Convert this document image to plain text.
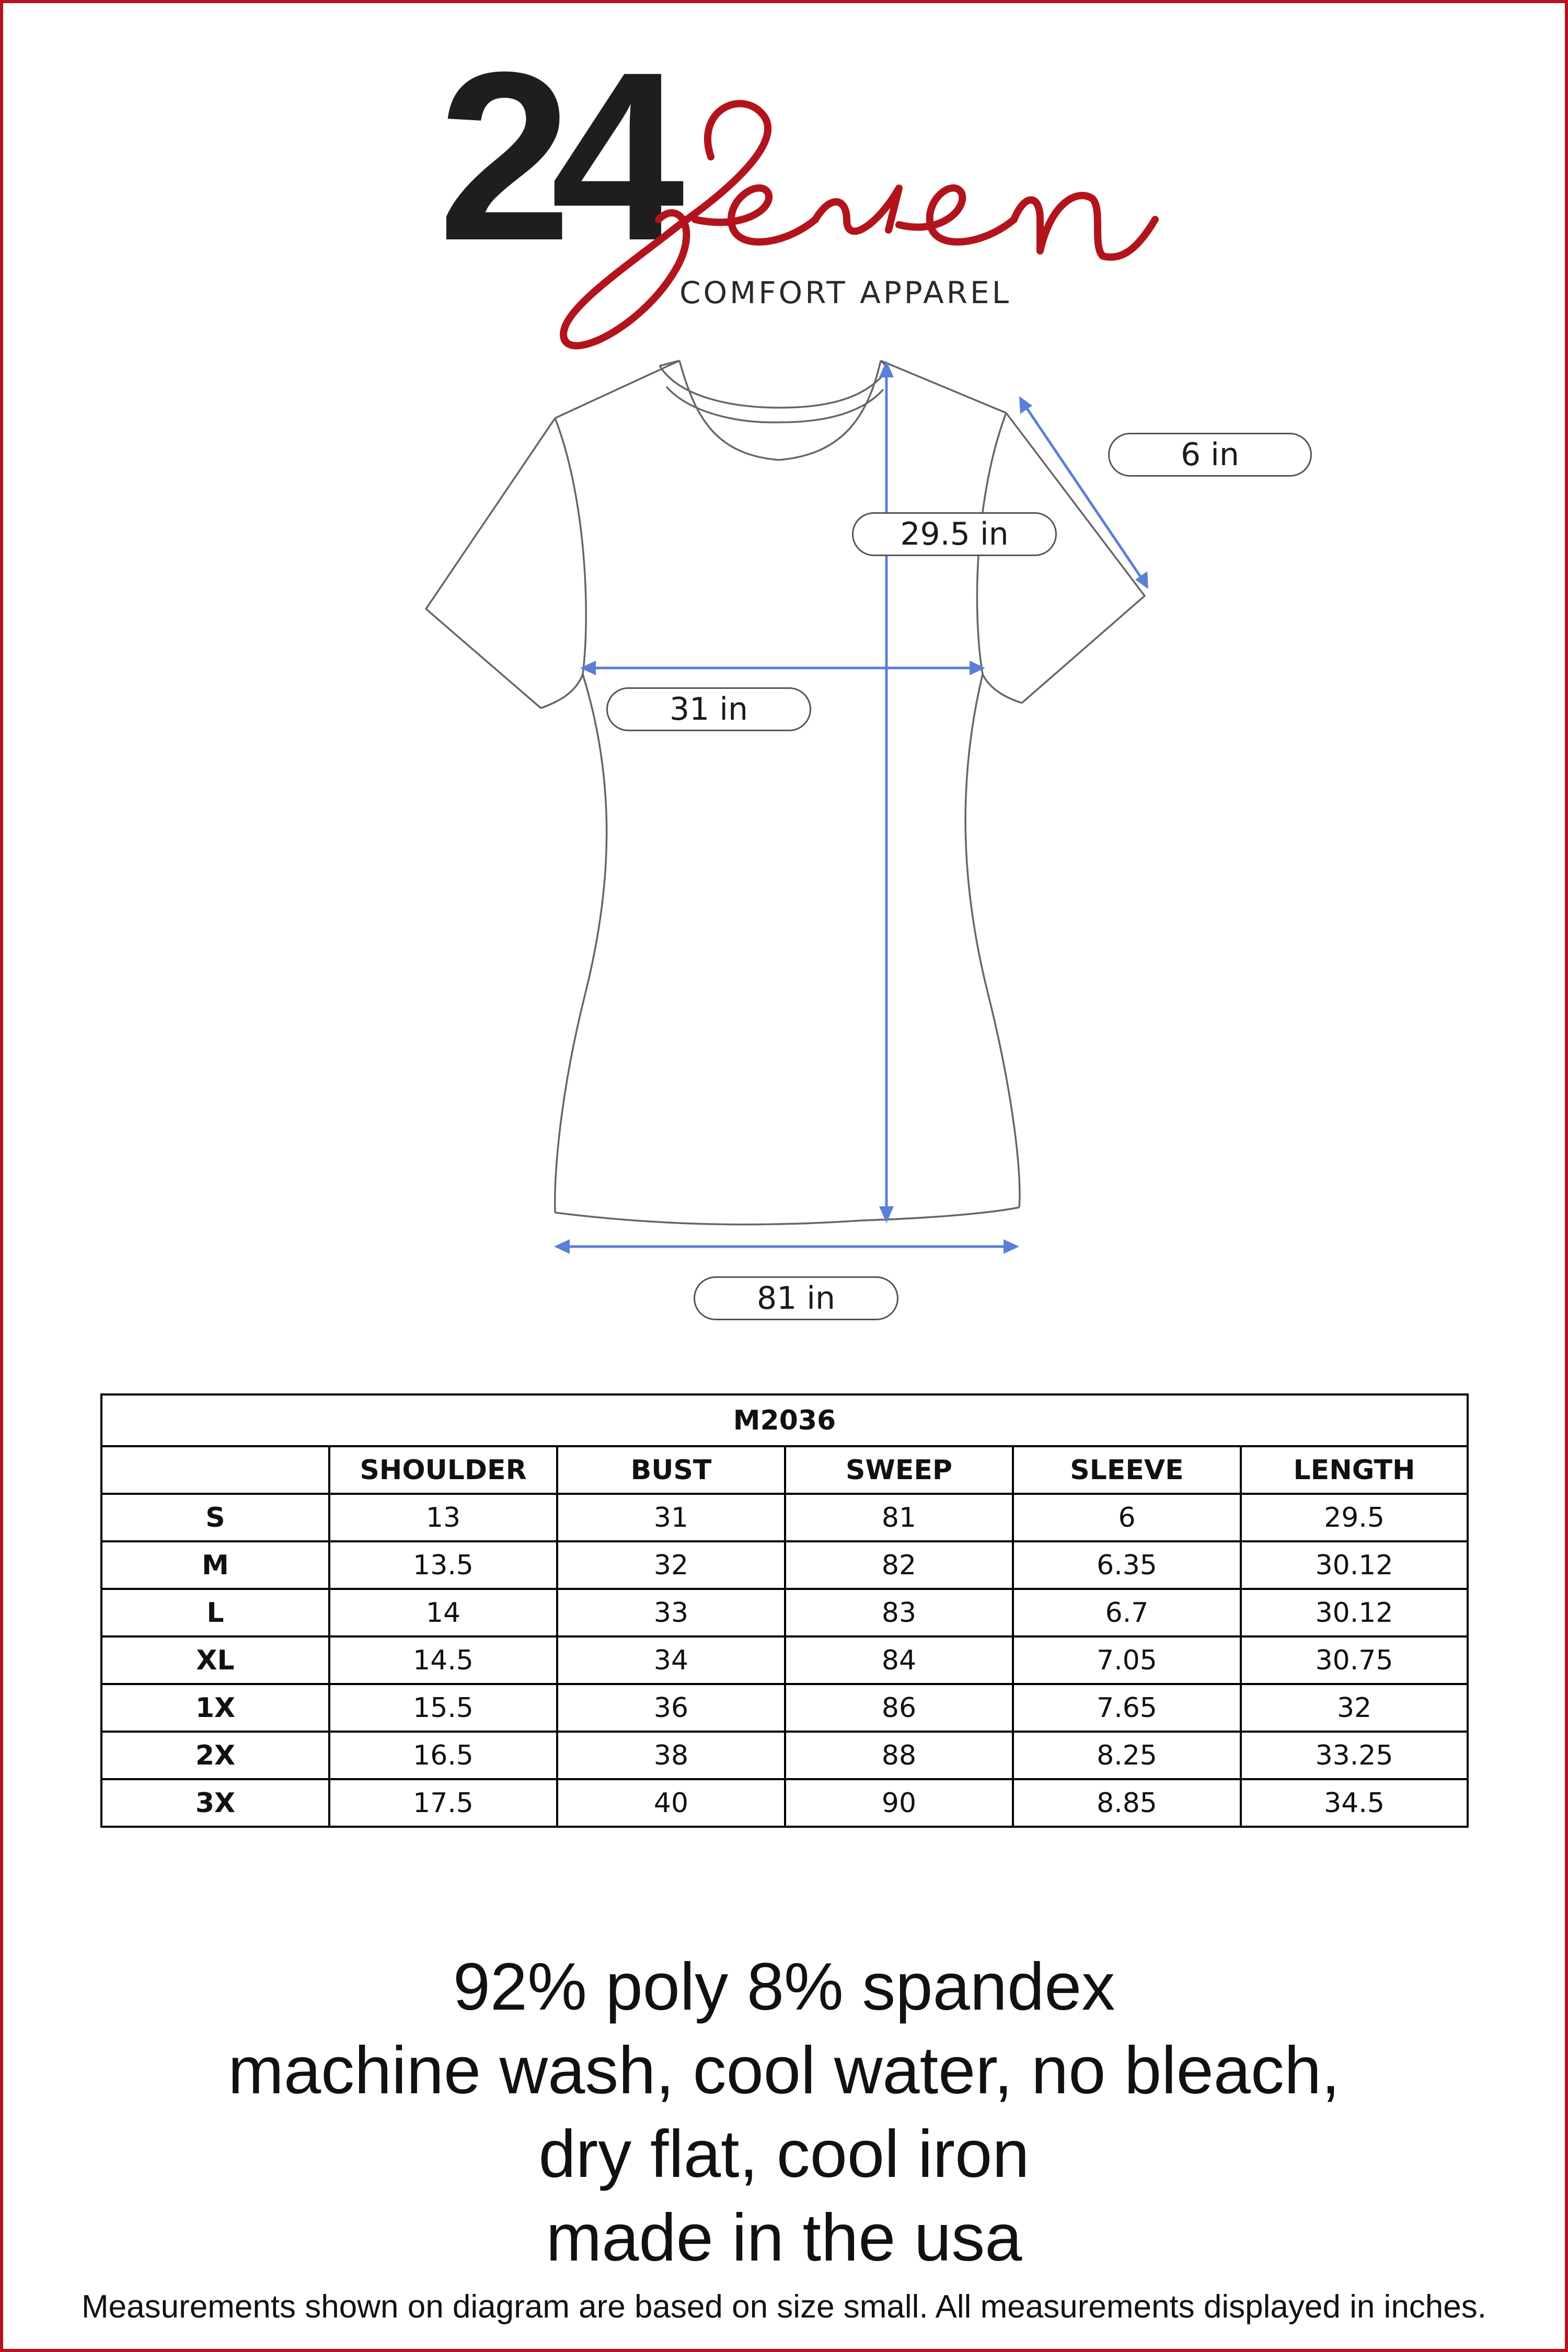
24
COMFORT APPAREL
6 in
29.5 in
31 in
81 in
M2036					
	SHOULDER	BUST	SWEEP	SLEEVE	LENGTH
S	13	31	81	6	29.5
M	13.5	32	82	6.35	30.12
L	14	33	83	6.7	30.12
XL	14.5	34	84	7.05	30.75
1X	15.5	36	86	7.65	32
2X	16.5	38	88	8.25	33.25
3X	17.5	40	90	8.85	34.5
92% poly 8% spandex
machine wash, cool water, no bleach,
dry flat, cool iron
made in the usa
Measurements shown on diagram are based on size small. All measurements displayed in inches.
